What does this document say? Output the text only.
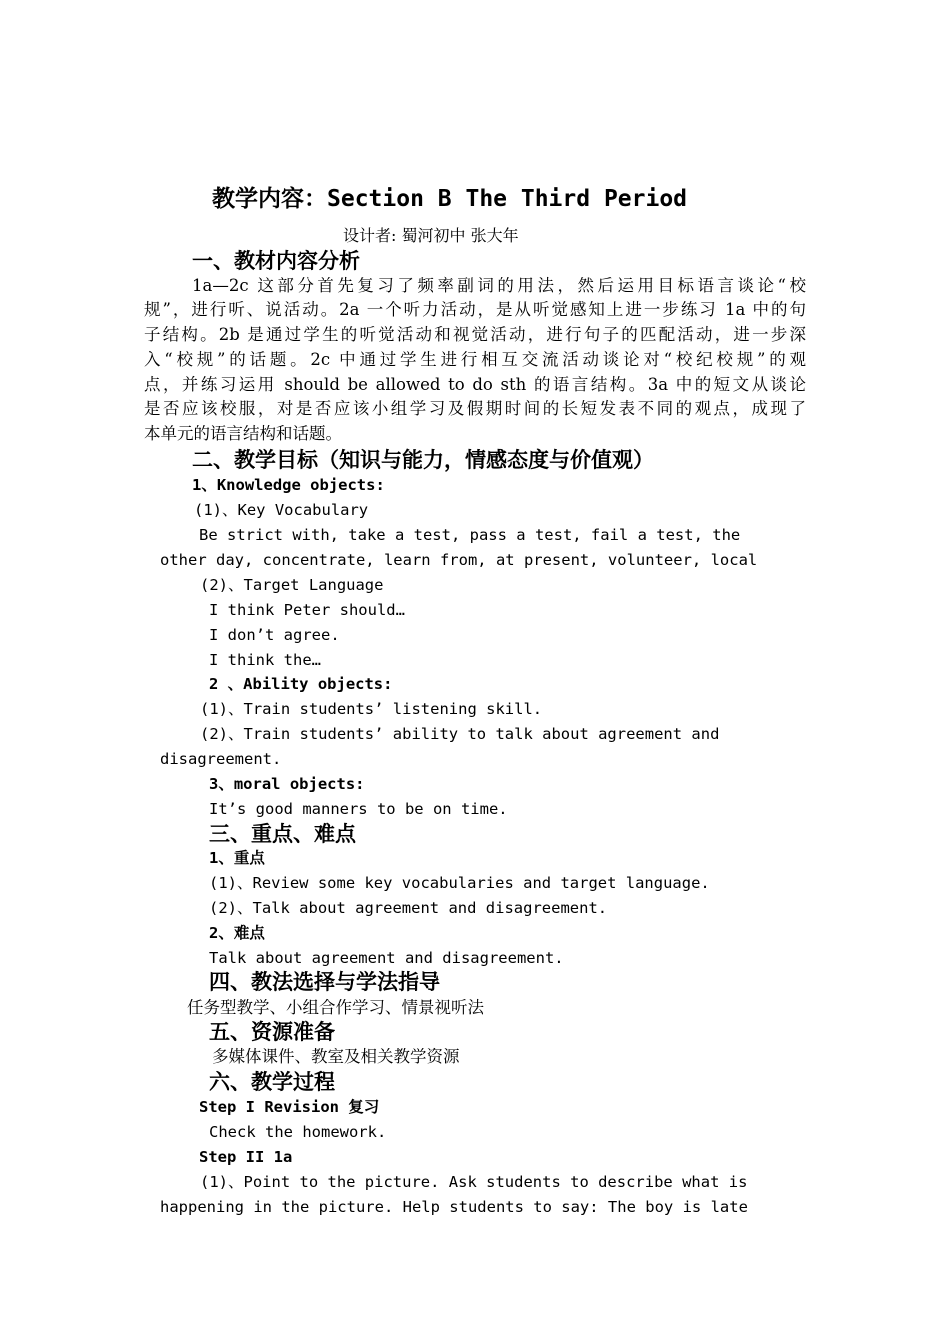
教学内容：Section B The Third Period
设计者: 蜀河初中 张大年
一、教材内容分析
1a—2c 这部分首先复习了频率副词的用法，然后运用目标语言谈论“校
规”，进行听、说活动。2a 一个听力活动，是从听觉感知上进一步练习 1a 中的句
子结构。2b 是通过学生的听觉活动和视觉活动，进行句子的匹配活动，进一步深
入“校规”的话题。2c 中通过学生进行相互交流活动谈论对“校纪校规”的观
点，并练习运用 should be allowed to do sth 的语言结构。3a 中的短文从谈论
是否应该校服，对是否应该小组学习及假期时间的长短发表不同的观点，成现了
本单元的语言结构和话题。
二、教学目标（知识与能力，情感态度与价值观）
1、Knowledge objects:
(1)、Key Vocabulary
Be strict with, take a test, pass a test, fail a test, the
other day, concentrate, learn from, at present, volunteer, local
(2)、Target Language
I think Peter should…
I don’t agree.
I think the…
2 、Ability objects:
(1)、Train students’ listening skill.
(2)、Train students’ ability to talk about agreement and
disagreement.
3、moral objects:
It’s good manners to be on time.
三、重点、难点
1、重点
(1)、Review some key vocabularies and target language.
(2)、Talk about agreement and disagreement.
2、难点
Talk about agreement and disagreement.
四、教法选择与学法指导
任务型教学、小组合作学习、情景视听法
五、资源准备
多媒体课件、教室及相关教学资源
六、教学过程
Step I Revision 复习
Check the homework.
Step II 1a
(1)、Point to the picture. Ask students to describe what is
happening in the picture. Help students to say: The boy is late
